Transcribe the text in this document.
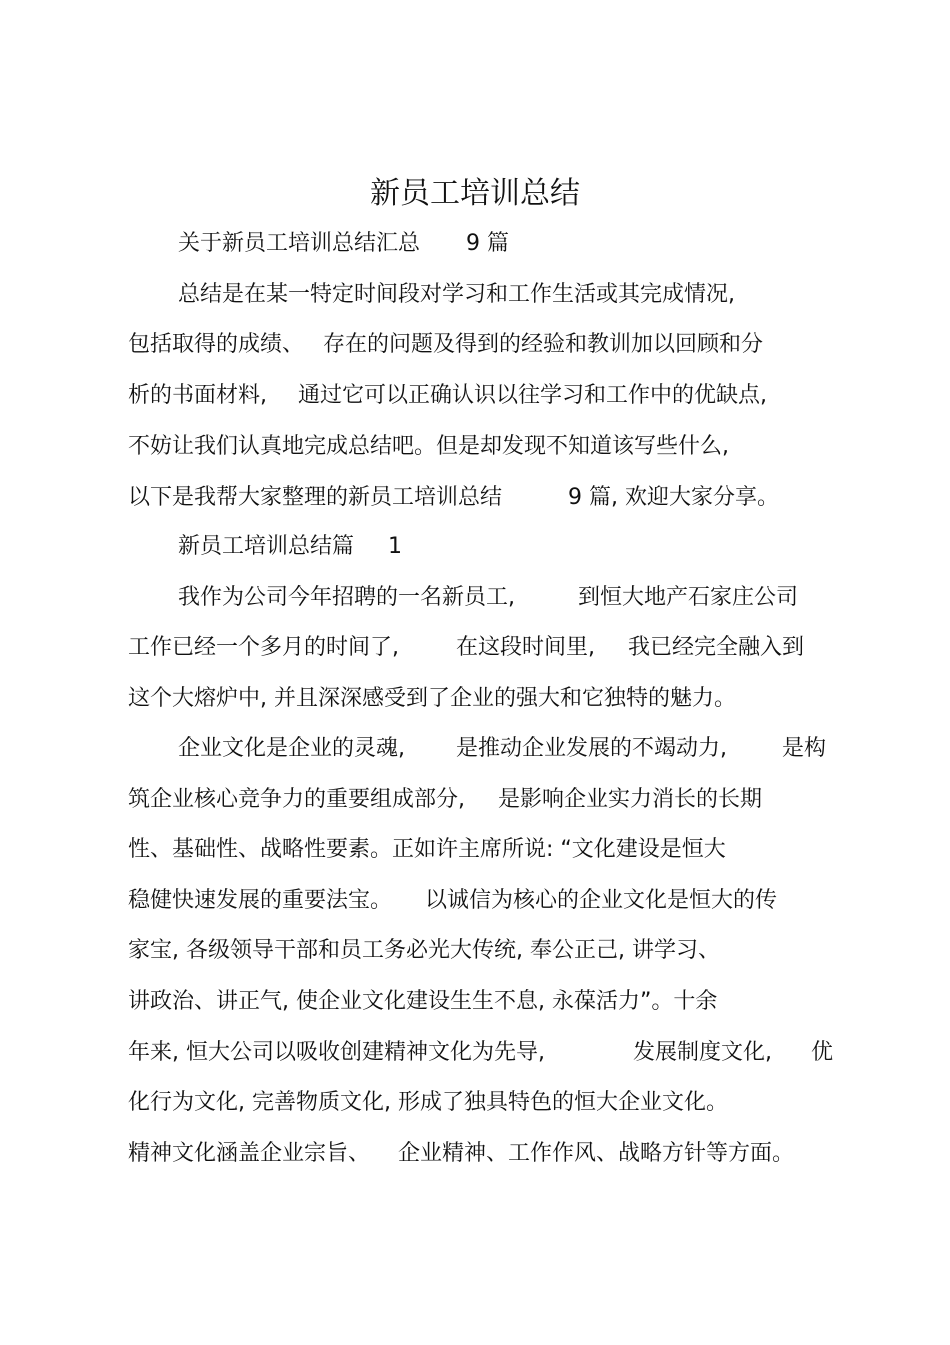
新员工培训总结
关于新员工培训总结汇总 9 篇
总结是在某一特定时间段对学习和工作生活或其完成情况,
包括取得的成绩、 存在的问题及得到的经验和教训加以回顾和分
析的书面材料, 通过它可以正确认识以往学习和工作中的优缺点,
不妨让我们认真地完成总结吧。但是却发现不知道该写些什么,
以下是我帮大家整理的新员工培训总结	9 篇, 欢迎大家分享。
新员工培训总结篇 1
我作为公司今年招聘的一名新员工,	到恒大地产石家庄公司
工作已经一个多月的时间了,	在这段时间里, 我已经完全融入到
这个大熔炉中, 并且深深感受到了企业的强大和它独特的魅力。
企业文化是企业的灵魂, 是推动企业发展的不竭动力,	是构
筑企业核心竞争力的重要组成部分, 是影响企业实力消长的长期
性、基础性、战略性要素。正如许主席所说: “文化建设是恒大
稳健快速发展的重要法宝。 以诚信为核心的企业文化是恒大的传
家宝, 各级领导干部和员工务必光大传统, 奉公正己, 讲学习、
讲政治、讲正气, 使企业文化建设生生不息, 永葆活力”。十余
年来, 恒大公司以吸收创建精神文化为先导,	发展制度文化, 优
化行为文化, 完善物质文化, 形成了独具特色的恒大企业文化。
精神文化涵盖企业宗旨、 企业精神、工作作风、战略方针等方面。
